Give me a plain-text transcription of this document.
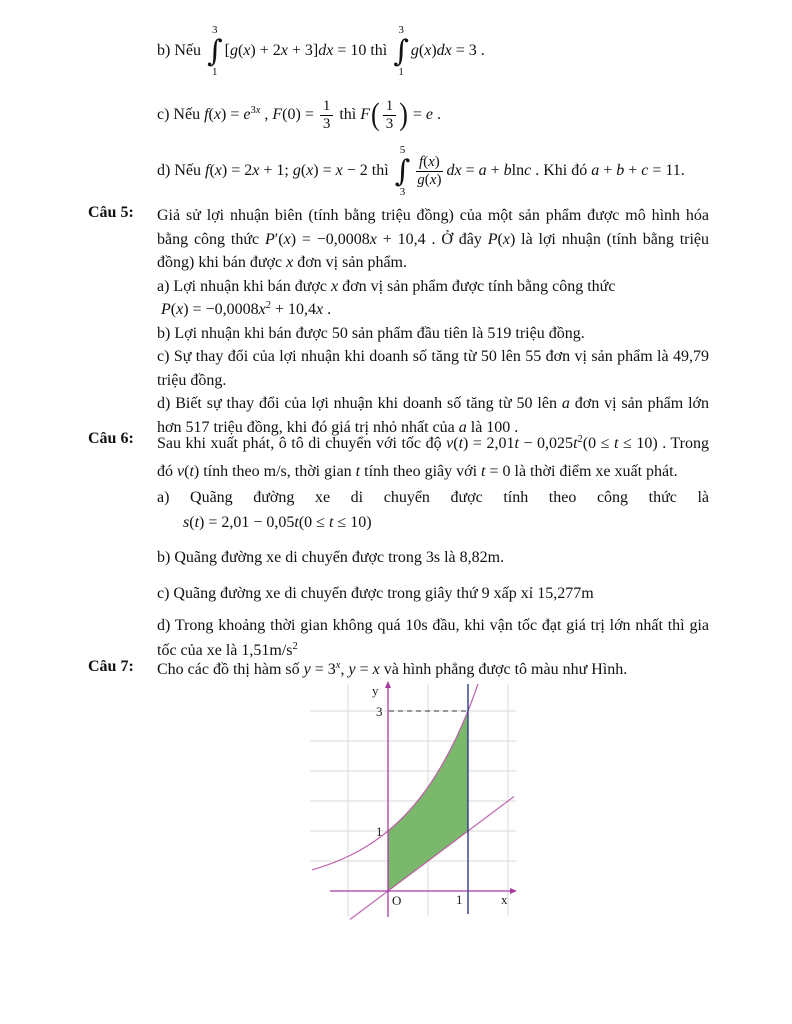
b) Nếu
3
∫
1
[g(x) + 2x + 3]dx = 10 thì
3
∫
1
g(x)dx = 3 .
c) Nếu $f(x) = e^{3x}$ , $F(0) = \frac{1}{3}$ thì $F( \frac{1}{3}$ ) = e .
d) Nếu f(x) = 2x + 1; g(x) = x − 2 thì
5
∫
3
$\frac{f(x)}{g(x)}$ dx = a + blnc . Khi đó a + b + c = 11.
Câu 5: Giả sử lợi nhuận biên (tính bằng triệu đồng) của một sản phẩm được mô hình hóa bằng công thức P′(x) = −0,0008x + 10,4 . Ở đây P(x) là lợi nhuận (tính bằng triệu đồng) khi bán được x đơn vị sản phẩm.

a) Lợi nhuận khi bán được x đơn vị sản phẩm được tính bằng công thức

$P(x) = -0,0008x^2 + 10,4x$ .

b) Lợi nhuận khi bán được 50 sản phẩm đầu tiên là 519 triệu đồng.

c) Sự thay đổi của lợi nhuận khi doanh số tăng từ 50 lên 55 đơn vị sản phẩm là 49,79 triệu đồng.

d) Biết sự thay đổi của lợi nhuận khi doanh số tăng từ 50 lên a đơn vị sản phẩm lớn hơn 517 triệu đồng, khi đó giá trị nhỏ nhất của a là 100 .

Câu 6: Sau khi xuất phát, ô tô di chuyển với tốc độ $v(t) = 2,01t - 0,025t^2(0 \le t \le 10)$ . Trong đó v(t) tính theo m/s, thời gian t tính theo giây với t = 0 là thời điểm xe xuất phát.

a) Quãng đường xe di chuyển được tính theo công thức là

s(t) = 2,01 − 0,05t(0 ≤ t ≤ 10)

b) Quãng đường xe di chuyển được trong 3s là 8,82m.

c) Quãng đường xe di chuyển được trong giây thứ 9 xấp xỉ 15,277m

d) Trong khoảng thời gian không quá 10s đầu, khi vận tốc đạt giá trị lớn nhất thì gia tốc của xe là $1,51m/s^2$

Câu 7: Cho các đồ thị hàm số $y = 3^x$, y = x và hình phẳng được tô màu như Hình.

y
x
O
3
1
1
